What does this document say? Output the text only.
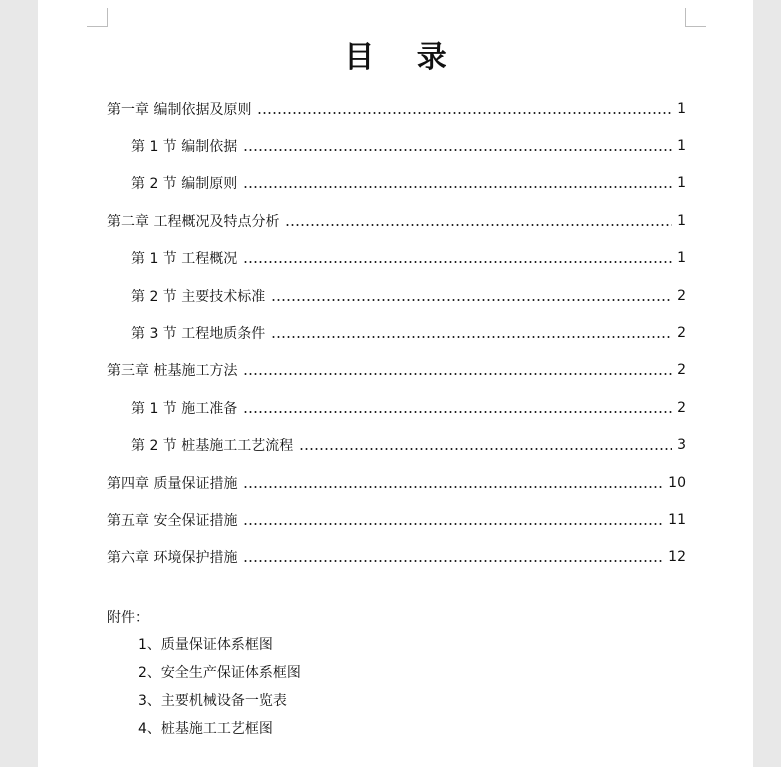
目 录
第一章 编制依据及原则	1
第 1 节 编制依据	1
第 2 节 编制原则	1
第二章 工程概况及特点分析	1
第 1 节 工程概况	1
第 2 节 主要技术标准	2
第 3 节 工程地质条件	2
第三章 桩基施工方法	2
第 1 节 施工准备	2
第 2 节 桩基施工工艺流程	3
第四章 质量保证措施	10
第五章 安全保证措施	11
第六章 环境保护措施	12
附件：
1、质量保证体系框图
2、安全生产保证体系框图
3、主要机械设备一览表
4、桩基施工工艺框图
